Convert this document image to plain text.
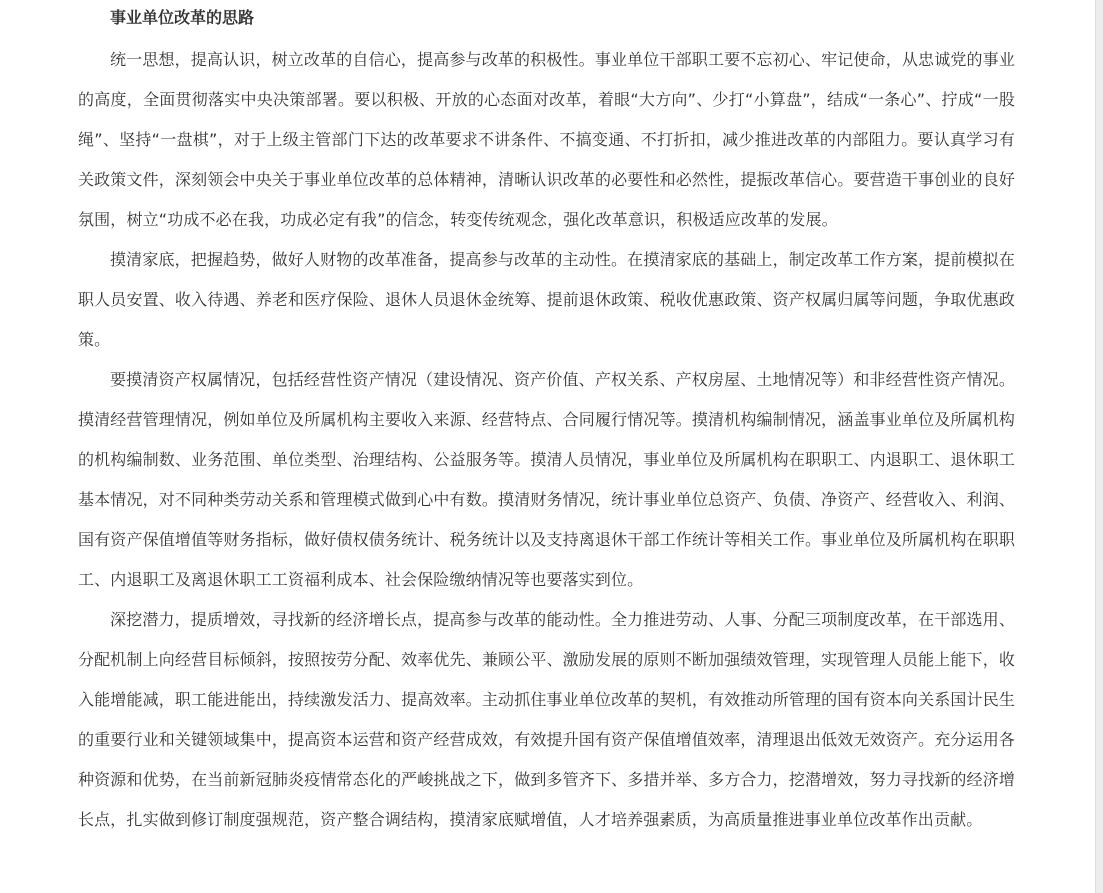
事业单位改革的思路

统一思想，提高认识，树立改革的自信心，提高参与改革的积极性。事业单位干部职工要不忘初心、牢记使命，从忠诚党的事业的高度，全面贯彻落实中央决策部署。要以积极、开放的心态面对改革，着眼“大方向”、少打“小算盘”，结成“一条心”、拧成“一股绳”、坚持“一盘棋”，对于上级主管部门下达的改革要求不讲条件、不搞变通、不打折扣，减少推进改革的内部阻力。要认真学习有关政策文件，深刻领会中央关于事业单位改革的总体精神，清晰认识改革的必要性和必然性，提振改革信心。要营造干事创业的良好氛围，树立“功成不必在我，功成必定有我”的信念，转变传统观念，强化改革意识，积极适应改革的发展。

摸清家底，把握趋势，做好人财物的改革准备，提高参与改革的主动性。在摸清家底的基础上，制定改革工作方案，提前模拟在职人员安置、收入待遇、养老和医疗保险、退休人员退休金统筹、提前退休政策、税收优惠政策、资产权属归属等问题，争取优惠政策。

要摸清资产权属情况，包括经营性资产情况（建设情况、资产价值、产权关系、产权房屋、土地情况等）和非经营性资产情况。摸清经营管理情况，例如单位及所属机构主要收入来源、经营特点、合同履行情况等。摸清机构编制情况，涵盖事业单位及所属机构的机构编制数、业务范围、单位类型、治理结构、公益服务等。摸清人员情况，事业单位及所属机构在职职工、内退职工、退休职工基本情况，对不同种类劳动关系和管理模式做到心中有数。摸清财务情况，统计事业单位总资产、负债、净资产、经营收入、利润、国有资产保值增值等财务指标，做好债权债务统计、税务统计以及支持离退休干部工作统计等相关工作。事业单位及所属机构在职职工、内退职工及离退休职工工资福利成本、社会保险缴纳情况等也要落实到位。

深挖潜力，提质增效，寻找新的经济增长点，提高参与改革的能动性。全力推进劳动、人事、分配三项制度改革，在干部选用、分配机制上向经营目标倾斜，按照按劳分配、效率优先、兼顾公平、激励发展的原则不断加强绩效管理，实现管理人员能上能下，收入能增能减，职工能进能出，持续激发活力、提高效率。主动抓住事业单位改革的契机，有效推动所管理的国有资本向关系国计民生的重要行业和关键领域集中，提高资本运营和资产经营成效，有效提升国有资产保值增值效率，清理退出低效无效资产。充分运用各种资源和优势，在当前新冠肺炎疫情常态化的严峻挑战之下，做到多管齐下、多措并举、多方合力，挖潜增效，努力寻找新的经济增长点，扎实做到修订制度强规范，资产整合调结构，摸清家底赋增值，人才培养强素质，为高质量推进事业单位改革作出贡献。
